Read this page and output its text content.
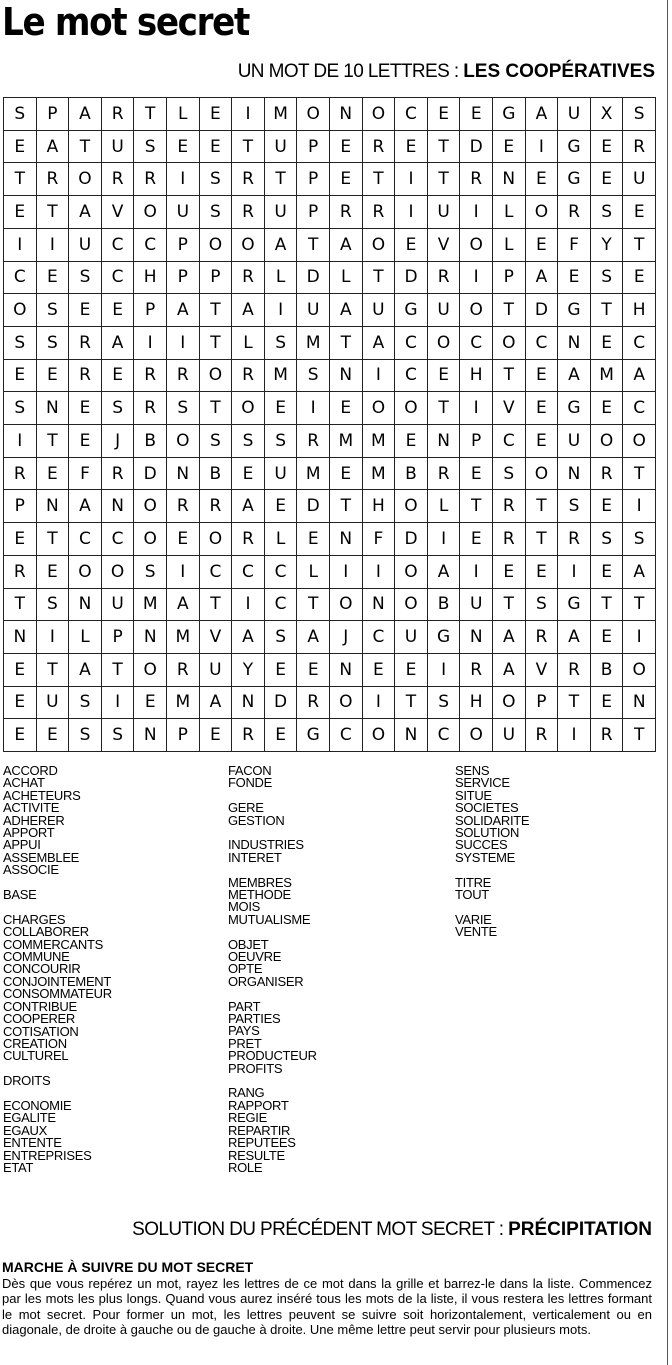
Le mot secret
UN MOT DE 10 LETTRES : LES COOPÉRATIVES
S	P	A	R	T	L	E	I	M	O	N	O	C	E	E	G	A	U	X	S
E	A	T	U	S	E	E	T	U	P	E	R	E	T	D	E	I	G	E	R
T	R	O	R	R	I	S	R	T	P	E	T	I	T	R	N	E	G	E	U
E	T	A	V	O	U	S	R	U	P	R	R	I	U	I	L	O	R	S	E
I	I	U	C	C	P	O	O	A	T	A	O	E	V	O	L	E	F	Y	T
C	E	S	C	H	P	P	R	L	D	L	T	D	R	I	P	A	E	S	E
O	S	E	E	P	A	T	A	I	U	A	U	G	U	O	T	D	G	T	H
S	S	R	A	I	I	T	L	S	M	T	A	C	O	C	O	C	N	E	C
E	E	R	E	R	R	O	R	M	S	N	I	C	E	H	T	E	A	M	A
S	N	E	S	R	S	T	O	E	I	E	O	O	T	I	V	E	G	E	C
I	T	E	J	B	O	S	S	S	R	M	M	E	N	P	C	E	U	O	O
R	E	F	R	D	N	B	E	U	M	E	M	B	R	E	S	O	N	R	T
P	N	A	N	O	R	R	A	E	D	T	H	O	L	T	R	T	S	E	I
E	T	C	C	O	E	O	R	L	E	N	F	D	I	E	R	T	R	S	S
R	E	O	O	S	I	C	C	C	L	I	I	O	A	I	E	E	I	E	A
T	S	N	U	M	A	T	I	C	T	O	N	O	B	U	T	S	G	T	T
N	I	L	P	N	M	V	A	S	A	J	C	U	G	N	A	R	A	E	I
E	T	A	T	O	R	U	Y	E	E	N	E	E	I	R	A	V	R	B	O
E	U	S	I	E	M	A	N	D	R	O	I	T	S	H	O	P	T	E	N
E	E	S	S	N	P	E	R	E	G	C	O	N	C	O	U	R	I	R	T
ACCORD
ACHAT
ACHETEURS
ACTIVITE
ADHERER
APPORT
APPUI
ASSEMBLEE
ASSOCIE
BASE
CHARGES
COLLABORER
COMMERCANTS
COMMUNE
CONCOURIR
CONJOINTEMENT
CONSOMMATEUR
CONTRIBUE
COOPERER
COTISATION
CREATION
CULTUREL
DROITS
ECONOMIE
EGALITE
EGAUX
ENTENTE
ENTREPRISES
ETAT
FACON
FONDE
GERE
GESTION
INDUSTRIES
INTERET
MEMBRES
METHODE
MOIS
MUTUALISME
OBJET
OEUVRE
OPTE
ORGANISER
PART
PARTIES
PAYS
PRET
PRODUCTEUR
PROFITS
RANG
RAPPORT
REGIE
REPARTIR
REPUTEES
RESULTE
ROLE
SENS
SERVICE
SITUE
SOCIETES
SOLIDARITE
SOLUTION
SUCCES
SYSTEME
TITRE
TOUT
VARIE
VENTE
SOLUTION DU PRÉCÉDENT MOT SECRET : PRÉCIPITATION
MARCHE À SUIVRE DU MOT SECRET

Dès que vous repérez un mot, rayez les lettres de ce mot dans la grille et barrez-le dans la liste. Commencez par les mots les plus longs. Quand vous aurez inséré tous les mots de la liste, il vous restera les lettres formant le mot secret. Pour former un mot, les lettres peuvent se suivre soit horizontalement, verticalement ou en diagonale, de droite à gauche ou de gauche à droite. Une même lettre peut servir pour plusieurs mots.
